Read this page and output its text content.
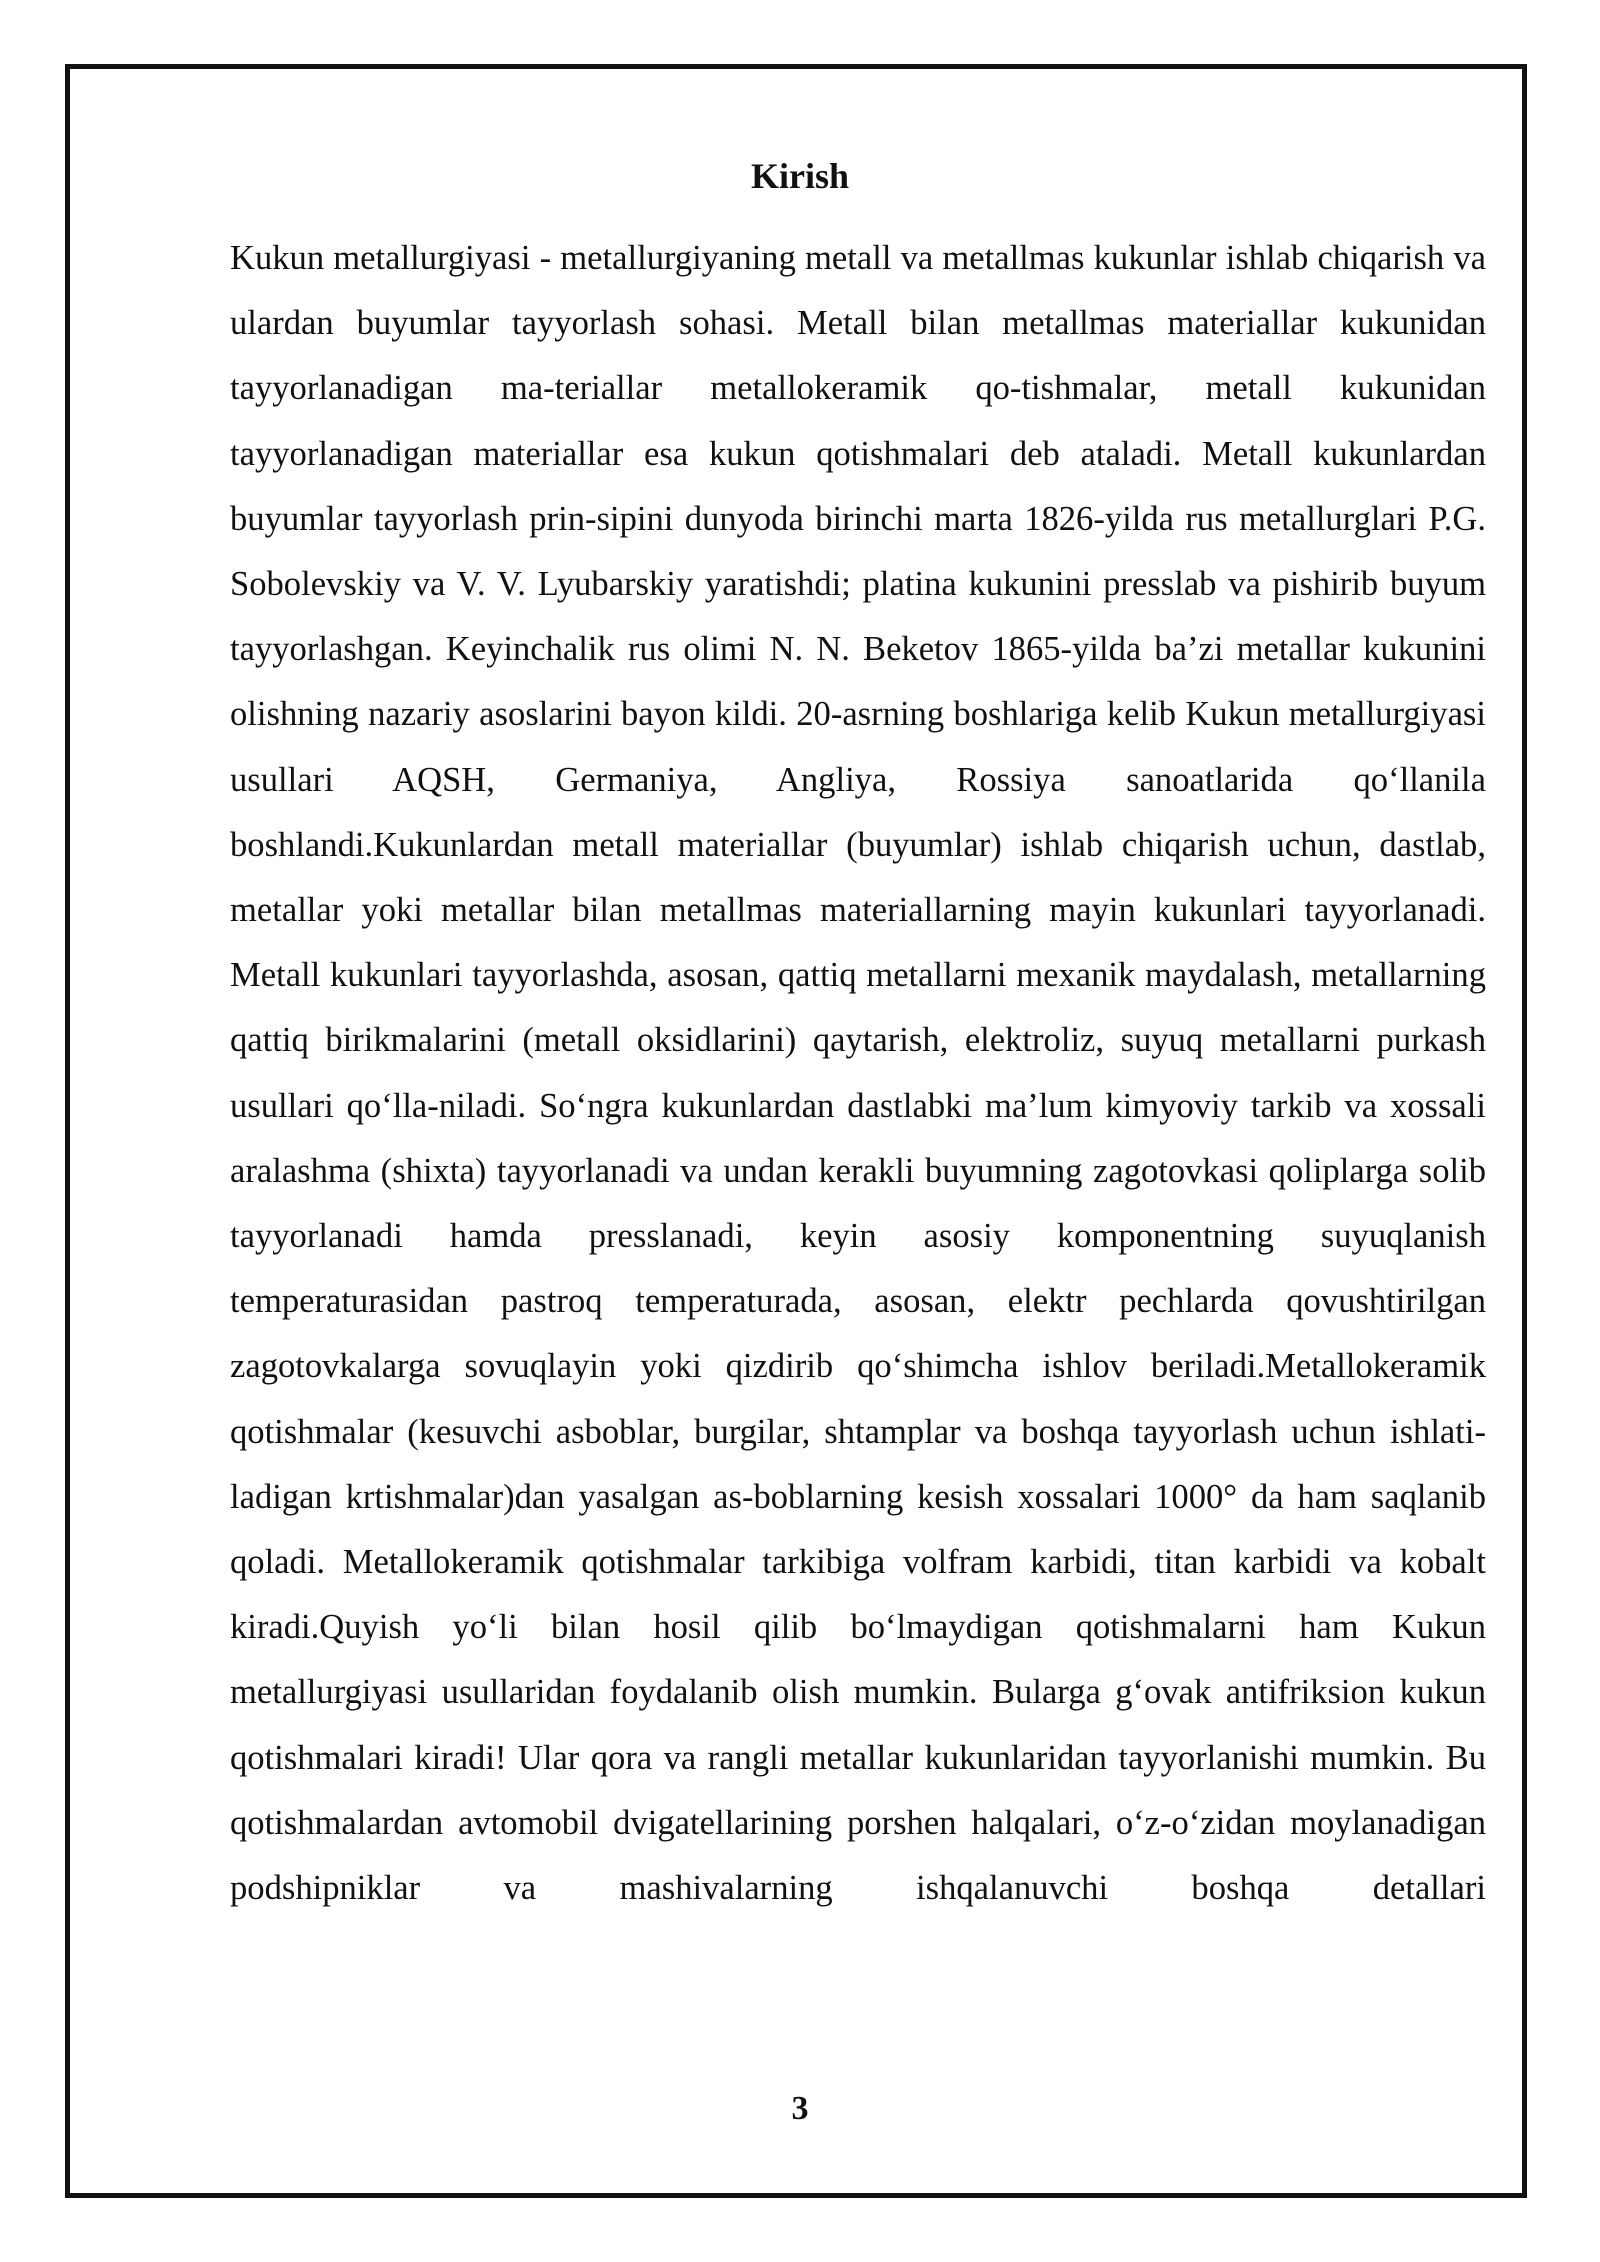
Kirish

Kukun metallurgiyasi - metallurgiyaning metall va metallmas kukunlar ishlab chiqarish va ulardan buyumlar tayyorlash sohasi. Metall bilan metallmas materiallar kukunidan tayyorlanadigan ma-teriallar metallokeramik qo-tishmalar, metall kukunidan tayyorlanadigan materiallar esa kukun qotishmalari deb ataladi. Metall kukunlardan buyumlar tayyorlash prin-sipini dunyoda birinchi marta 1826-yilda rus metallurglari P.G. Sobolevskiy va V. V. Lyubarskiy yaratishdi; platina kukunini presslab va pishirib buyum tayyorlashgan. Keyinchalik rus olimi N. N. Beketov 1865-yilda ba’zi metallar kukunini olishning nazariy asoslarini bayon kildi. 20-asrning boshlariga kelib Kukun metallurgiyasi usullari AQSH, Germaniya, Angliya, Rossiya sanoatlarida qo‘llanila boshlandi.Kukunlardan metall materiallar (buyumlar) ishlab chiqarish uchun, dastlab, metallar yoki metallar bilan metallmas materiallarning mayin kukunlari tayyorlanadi. Metall kukunlari tayyorlashda, asosan, qattiq metallarni mexanik maydalash, metallarning qattiq birikmalarini (metall oksidlarini) qaytarish, elektroliz, suyuq metallarni purkash usullari qo‘lla-niladi. So‘ngra kukunlardan dastlabki ma’lum kimyoviy tarkib va xossali aralashma (shixta) tayyorlanadi va undan kerakli buyumning zagotovkasi qoliplarga solib tayyorlanadi hamda presslanadi, keyin asosiy komponentning suyuqlanish temperaturasidan pastroq temperaturada, asosan, elektr pechlarda qovushtirilgan zagotovkalarga sovuqlayin yoki qizdirib qo‘shimcha ishlov beriladi.Metallokeramik qotishmalar (kesuvchi asboblar, burgilar, shtamplar va boshqa tayyorlash uchun ishlati-ladigan krtishmalar)dan yasalgan as-boblarning kesish xossalari 1000° da ham saqlanib qoladi. Metallokeramik qotishmalar tarkibiga volfram karbidi, titan karbidi va kobalt kiradi.Quyish yo‘li bilan hosil qilib bo‘lmaydigan qotishmalarni ham Kukun metallurgiyasi usullaridan foydalanib olish mumkin. Bularga g‘ovak antifriksion kukun qotishmalari kiradi! Ular qora va rangli metallar kukunlaridan tayyorlanishi mumkin. Bu qotishmalardan avtomobil dvigatellarining porshen halqalari, o‘z-o‘zidan moylanadigan podshipniklar va mashivalarning ishqalanuvchi boshqa detallari

3
